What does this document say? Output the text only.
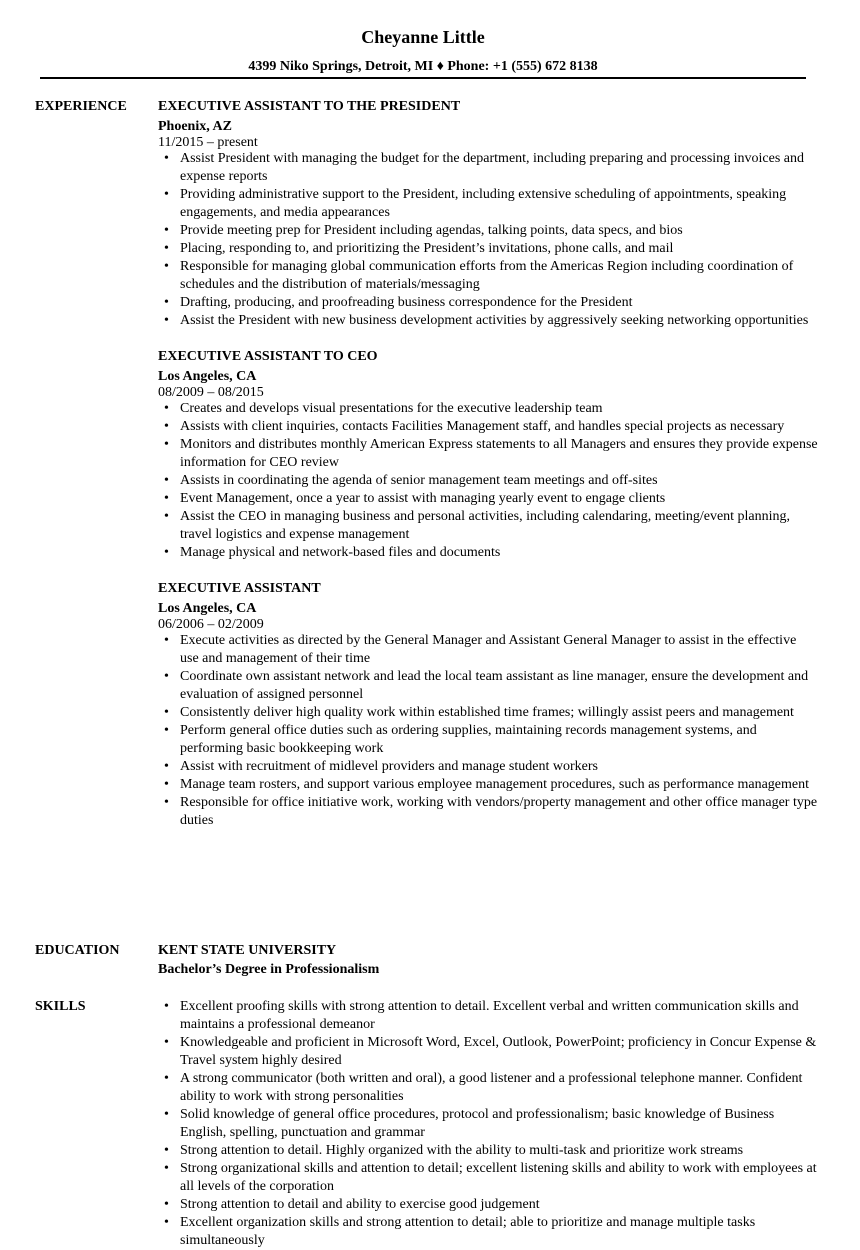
Cheyanne Little
4399 Niko Springs, Detroit, MI ♦ Phone: +1 (555) 672 8138
EXPERIENCE EXECUTIVE ASSISTANT TO THE PRESIDENT
Phoenix, AZ
11/2015 – present
• Assist President with managing the budget for the department, including preparing and processing invoices and expense reports
• Providing administrative support to the President, including extensive scheduling of appointments, speaking engagements, and media appearances
• Provide meeting prep for President including agendas, talking points, data specs, and bios
• Placing, responding to, and prioritizing the President’s invitations, phone calls, and mail
• Responsible for managing global communication efforts from the Americas Region including coordination of schedules and the distribution of materials/messaging
• Drafting, producing, and proofreading business correspondence for the President
• Assist the President with new business development activities by aggressively seeking networking opportunities
EXECUTIVE ASSISTANT TO CEO
Los Angeles, CA
08/2009 – 08/2015
• Creates and develops visual presentations for the executive leadership team
• Assists with client inquiries, contacts Facilities Management staff, and handles special projects as necessary
• Monitors and distributes monthly American Express statements to all Managers and ensures they provide expense information for CEO review
• Assists in coordinating the agenda of senior management team meetings and off-sites
• Event Management, once a year to assist with managing yearly event to engage clients
• Assist the CEO in managing business and personal activities, including calendaring, meeting/event planning, travel logistics and expense management
• Manage physical and network-based files and documents
EXECUTIVE ASSISTANT
Los Angeles, CA
06/2006 – 02/2009
• Execute activities as directed by the General Manager and Assistant General Manager to assist in the effective use and management of their time
• Coordinate own assistant network and lead the local team assistant as line manager, ensure the development and evaluation of assigned personnel
• Consistently deliver high quality work within established time frames; willingly assist peers and management
• Perform general office duties such as ordering supplies, maintaining records management systems, and performing basic bookkeeping work
• Assist with recruitment of midlevel providers and manage student workers
• Manage team rosters, and support various employee management procedures, such as performance management
• Responsible for office initiative work, working with vendors/property management and other office manager type duties
EDUCATION	KENT STATE UNIVERSITY
Bachelor’s Degree in Professionalism
SKILLS
•	Excellent proofing skills with strong attention to detail. Excellent verbal and written communication skills and maintains a professional demeanor
• Knowledgeable and proficient in Microsoft Word, Excel, Outlook, PowerPoint; proficiency in Concur Expense & Travel system highly desired
• A strong communicator (both written and oral), a good listener and a professional telephone manner. Confident ability to work with strong personalities
• Solid knowledge of general office procedures, protocol and professionalism; basic knowledge of Business English, spelling, punctuation and grammar
• Strong attention to detail. Highly organized with the ability to multi-task and prioritize work streams
• Strong organizational skills and attention to detail; excellent listening skills and ability to work with employees at all levels of the corporation
• Strong attention to detail and ability to exercise good judgement
• Excellent organization skills and strong attention to detail; able to prioritize and manage multiple tasks simultaneously
